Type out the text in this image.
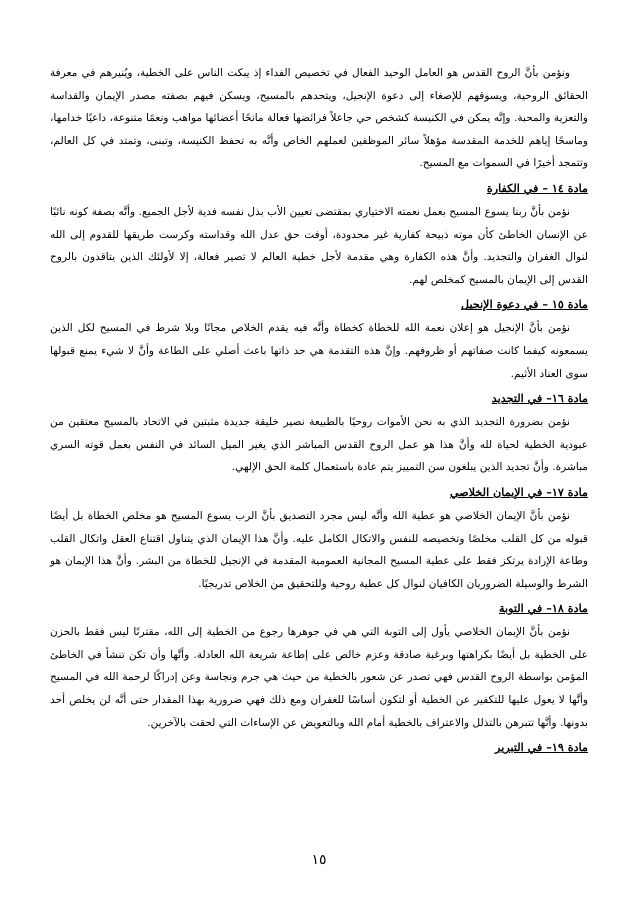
ونؤمن بأنَّ الروح القدس هو العامل الوحيد الفعال في تخصيص الفداء إذ يبكت الناس على الخطية، ويُنيرهم في معرفة الحقائق الروحية، ويسوقهم للإصغاء إلى دعوة الإنجيل، ويتحدهم بالمسيح، ويسكن فيهم بصفته مصدر الإيمان والقداسة والتعزية والمحبة. وإنَّه يمكن في الكنيسة كشخص حي جاعلاً فرائضها فعالة مانحًا أعضائها مواهب ونعمًا متنوعة، داعيًا خدامها، وماسحًا إياهم للخدمة المقدسة مؤهلاً سائر الموظفين لعملهم الخاص وأنَّه به تحفظ الكنيسة، وتبنى، وتمتد في كل العالم، وتتمجد أخيرًا في السموات مع المسيح.

مادة ١٤ – في الكفارة

نؤمن بأنَّ ربنا يسوع المسيح بعمل نعمته الاختياري بمقتضى تعيين الأب بذل نفسه فدية لأجل الجميع. وأنَّه بصفة كونه نائبًا عن الإنسان الخاطئ كأن موته ذبيحة كفارية غير محدودة، أوفت حق عدل الله وقداسته وكرست طريقها للقدوم إلى الله لنوال الغفران والتجديد. وأنَّ هذه الكفارة وهي مقدمة لأجل خطية العالم لا تصير فعالة، إلا لأولئك الذين يتاقدون بالروح القدس إلى الإيمان بالمسيح كمخلص لهم.

مادة ١٥ – في دعوة الإنجيل

نؤمن بأنَّ الإنجيل هو إعلان نعمة الله للخطاة كخطاة وأنَّه فيه يقدم الخلاص مجانًا وبلا شرط في المسيح لكل الذين يسمعونه كيفما كانت صفاتهم أو ظروفهم. وإنَّ هذه التقدمة هي حد ذاتها باعث أصلي على الطاعة وأنَّ لا شيء يمنع قبولها سوى العناد الأثيم.

مادة ١٦– في التجديد

نؤمن بضرورة التجديد الذي به نحن الأموات روحيًا بالطبيعة نصير خليقة جديدة مثبتين في الاتحاد بالمسيح معتقين من عبودية الخطية لحياة لله وأنَّ هذا هو عمل الروح القدس المباشر الذي يغير الميل السائد في النفس بعمل قوته السري مباشرة. وأنَّ تجديد الذين يبلغون سن التمييز يتم عادة باستعمال كلمة الحق الإلهي.

مادة ١٧– في الإيمان الخلاصي

نؤمن بأنَّ الإيمان الخلاصي هو عطية الله وأنَّه ليس مجرد التصديق بأنَّ الرب يسوع المسيح هو مخلص الخطاة بل أيضًا قبوله من كل القلب مخلصًا وتخصيصه للنفس والاتكال الكامل عليه. وأنَّ هذا الإيمان الذي يتناول اقتناع العقل واتكال القلب وطاعة الإرادة يرتكز فقط على عطية المسيح المجانية العمومية المقدمة في الإنجيل للخطاة من البشر. وأنَّ هذا الإيمان هو الشرط والوسيلة الضروريان الكافيان لنوال كل عطية روحية وللتحقيق من الخلاص تدريجيًا.

مادة ١٨– في التوبة

نؤمن بأنَّ الإيمان الخلاصي يأول إلى التوبة التي هي في جوهرها رجوع من الخطية إلى الله، مقترنًا ليس فقط بالحزن على الخطية بل أيضًا بكراهتها وبرغبة صادقة وعزم خالص على إطاعة شريعة الله العادلة. وأنَّها وأن تكن تنشأ في الخاطئ المؤمن بواسطة الروح القدس فهي تصدر عن شعور بالخطية من حيث هي جرم ونجاسة وعن إدراكًا لرحمة الله في المسيح وأنَّها لا يعول عليها للتكفير عن الخطية أو لتكون أساسًا للغفران ومع ذلك فهي ضرورية بهذا المقدار حتى أنَّه لن يخلص أحد بدونها. وأنَّها تتبرهن بالتذلل والاعتراف بالخطية أمام الله وبالتعويض عن الإساءات التي لحقت بالآخرين.

مادة ١٩– في التبرير
١٥
